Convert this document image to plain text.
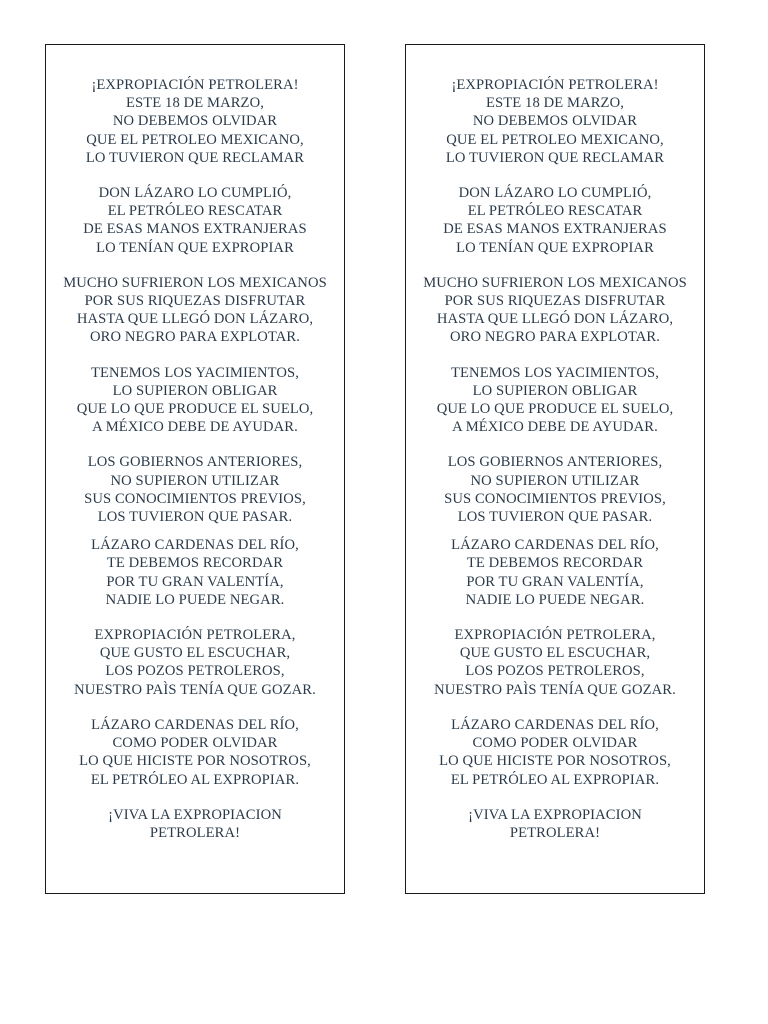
¡EXPROPIACIÓN PETROLERA!
ESTE 18 DE MARZO,
NO DEBEMOS OLVIDAR
QUE EL PETROLEO MEXICANO,
LO TUVIERON QUE RECLAMAR
DON LÁZARO LO CUMPLIÓ,
EL PETRÓLEO RESCATAR
DE ESAS MANOS EXTRANJERAS
LO TENÍAN QUE EXPROPIAR
MUCHO SUFRIERON LOS MEXICANOS
POR SUS RIQUEZAS DISFRUTAR
HASTA QUE LLEGÓ DON LÁZARO,
ORO NEGRO PARA EXPLOTAR.
TENEMOS LOS YACIMIENTOS,
LO SUPIERON OBLIGAR
QUE LO QUE PRODUCE EL SUELO,
A MÉXICO DEBE DE AYUDAR.
LOS GOBIERNOS ANTERIORES,
NO SUPIERON UTILIZAR
SUS CONOCIMIENTOS PREVIOS,
LOS TUVIERON QUE PASAR.
LÁZARO CARDENAS DEL RÍO,
TE DEBEMOS RECORDAR
POR TU GRAN VALENTÍA,
NADIE LO PUEDE NEGAR.
EXPROPIACIÓN PETROLERA,
QUE GUSTO EL ESCUCHAR,
LOS POZOS PETROLEROS,
NUESTRO PAÌS TENÍA QUE GOZAR.
LÁZARO CARDENAS DEL RÍO,
COMO PODER OLVIDAR
LO QUE HICISTE POR NOSOTROS,
EL PETRÓLEO AL EXPROPIAR.
¡VIVA LA EXPROPIACION
PETROLERA!
¡EXPROPIACIÓN PETROLERA!
ESTE 18 DE MARZO,
NO DEBEMOS OLVIDAR
QUE EL PETROLEO MEXICANO,
LO TUVIERON QUE RECLAMAR
DON LÁZARO LO CUMPLIÓ,
EL PETRÓLEO RESCATAR
DE ESAS MANOS EXTRANJERAS
LO TENÍAN QUE EXPROPIAR
MUCHO SUFRIERON LOS MEXICANOS
POR SUS RIQUEZAS DISFRUTAR
HASTA QUE LLEGÓ DON LÁZARO,
ORO NEGRO PARA EXPLOTAR.
TENEMOS LOS YACIMIENTOS,
LO SUPIERON OBLIGAR
QUE LO QUE PRODUCE EL SUELO,
A MÉXICO DEBE DE AYUDAR.
LOS GOBIERNOS ANTERIORES,
NO SUPIERON UTILIZAR
SUS CONOCIMIENTOS PREVIOS,
LOS TUVIERON QUE PASAR.
LÁZARO CARDENAS DEL RÍO,
TE DEBEMOS RECORDAR
POR TU GRAN VALENTÍA,
NADIE LO PUEDE NEGAR.
EXPROPIACIÓN PETROLERA,
QUE GUSTO EL ESCUCHAR,
LOS POZOS PETROLEROS,
NUESTRO PAÌS TENÍA QUE GOZAR.
LÁZARO CARDENAS DEL RÍO,
COMO PODER OLVIDAR
LO QUE HICISTE POR NOSOTROS,
EL PETRÓLEO AL EXPROPIAR.
¡VIVA LA EXPROPIACION
PETROLERA!
